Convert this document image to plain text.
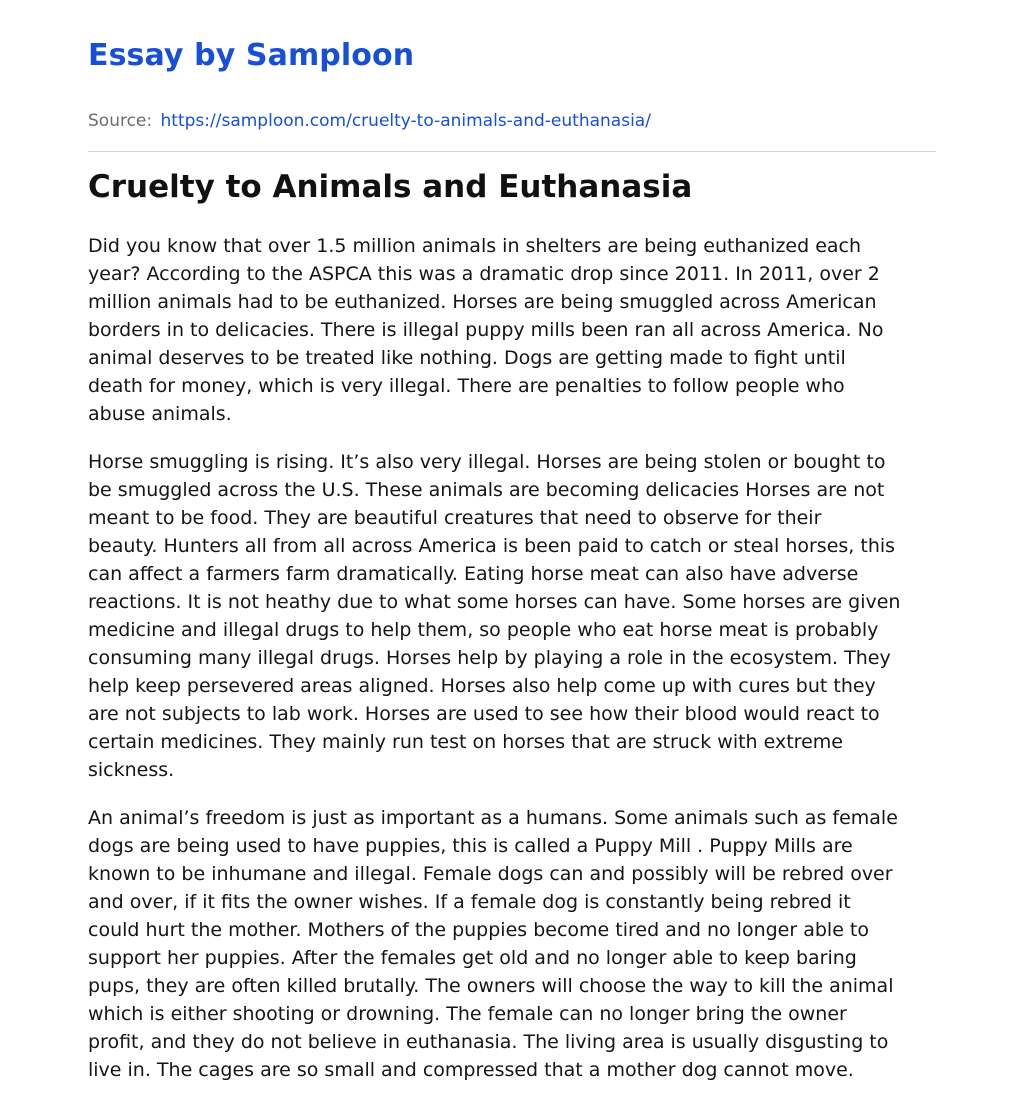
Essay by Samploon
Source: https://samploon.com/cruelty-to-animals-and-euthanasia/
Cruelty to Animals and Euthanasia

Did you know that over 1.5 million animals in shelters are being euthanized each
year? According to the ASPCA this was a dramatic drop since 2011. In 2011, over 2
million animals had to be euthanized. Horses are being smuggled across American
borders in to delicacies. There is illegal puppy mills been ran all across America. No
animal deserves to be treated like nothing. Dogs are getting made to fight until
death for money, which is very illegal. There are penalties to follow people who
abuse animals.

Horse smuggling is rising. It’s also very illegal. Horses are being stolen or bought to
be smuggled across the U.S. These animals are becoming delicacies Horses are not
meant to be food. They are beautiful creatures that need to observe for their
beauty. Hunters all from all across America is been paid to catch or steal horses, this
can affect a farmers farm dramatically. Eating horse meat can also have adverse
reactions. It is not heathy due to what some horses can have. Some horses are given
medicine and illegal drugs to help them, so people who eat horse meat is probably
consuming many illegal drugs. Horses help by playing a role in the ecosystem. They
help keep persevered areas aligned. Horses also help come up with cures but they
are not subjects to lab work. Horses are used to see how their blood would react to
certain medicines. They mainly run test on horses that are struck with extreme
sickness.

An animal’s freedom is just as important as a humans. Some animals such as female
dogs are being used to have puppies, this is called a Puppy Mill . Puppy Mills are
known to be inhumane and illegal. Female dogs can and possibly will be rebred over
and over, if it fits the owner wishes. If a female dog is constantly being rebred it
could hurt the mother. Mothers of the puppies become tired and no longer able to
support her puppies. After the females get old and no longer able to keep baring
pups, they are often killed brutally. The owners will choose the way to kill the animal
which is either shooting or drowning. The female can no longer bring the owner
profit, and they do not believe in euthanasia. The living area is usually disgusting to
live in. The cages are so small and compressed that a mother dog cannot move.
